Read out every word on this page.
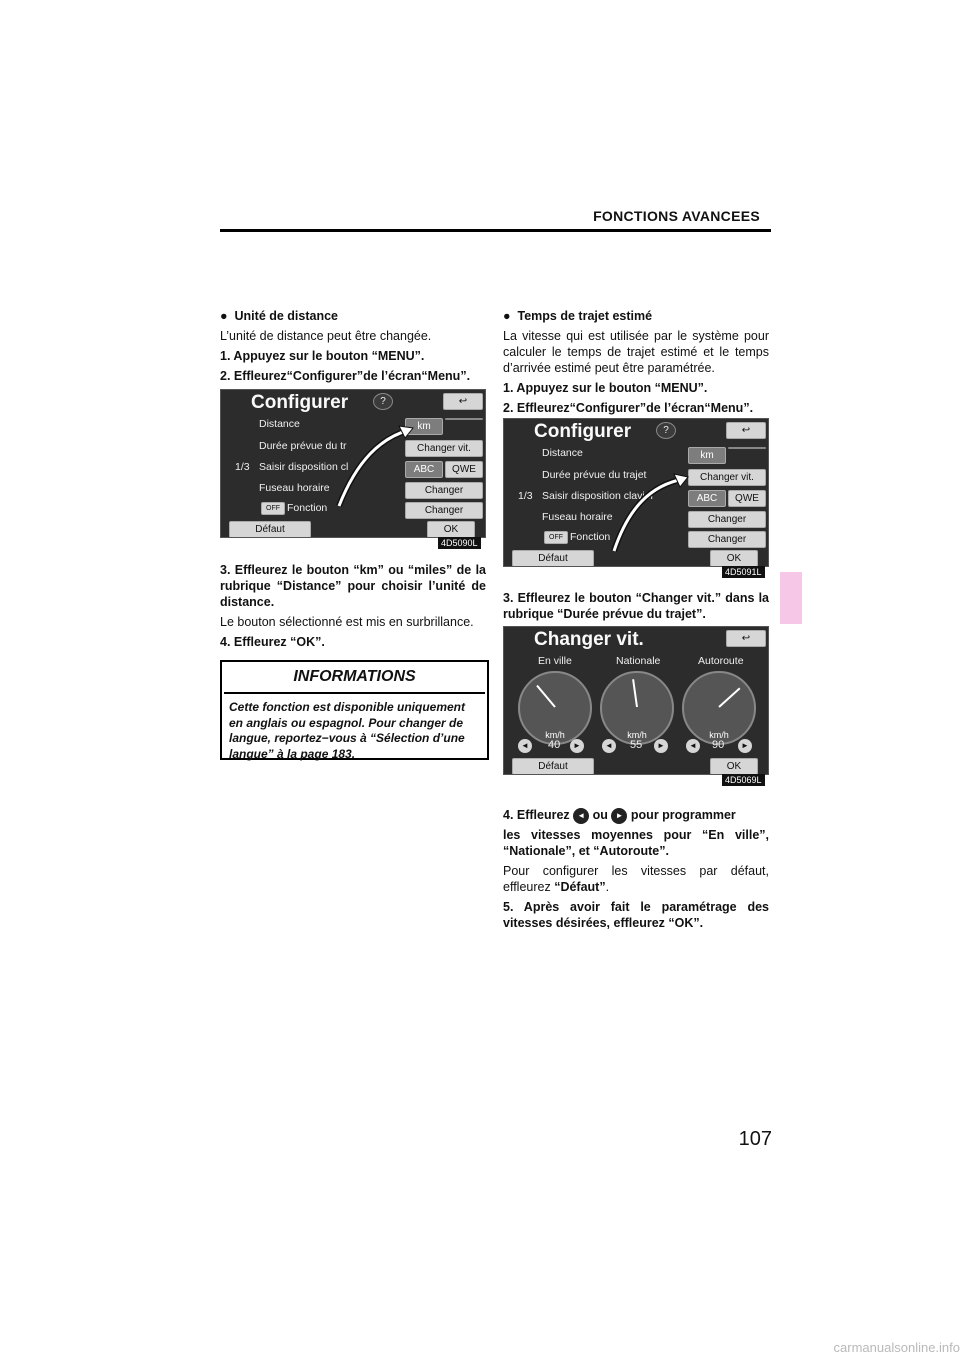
FONCTIONS AVANCEES

● Unité de distance

L’unité de distance peut être changée.

1. Appuyez sur le bouton “MENU”.

2. Effleurez“Configurer”de l’écran“Menu”.

Configurer	?	↩
Distance
Durée prévue du tr
1/3 Saisir disposition cl
Fuseau horaire
OFF Fonction
km
Changer vit.
ABC	QWE
Changer
Changer
Défaut	OK
4D5090L

3. Effleurez le bouton “km” ou “miles” de la rubrique “Distance” pour choisir l’unité de distance.

Le bouton sélectionné est mis en surbrillance.

4. Effleurez “OK”.

INFORMATIONS
Cette fonction est disponible uniquement en anglais ou espagnol. Pour changer de langue, reportez−vous à “Sélection d’une langue” à la page 183.

● Temps de trajet estimé

La vitesse qui est utilisée par le système pour calculer le temps de trajet estimé et le temps d’arrivée estimé peut être paramétrée.

1. Appuyez sur le bouton “MENU”.

2. Effleurez“Configurer”de l’écran“Menu”.

Configurer	?	↩
Distance
Durée prévue du trajet
1/3 Saisir disposition clavier
Fuseau horaire
OFF Fonction
km
Changer vit.
ABC	QWE
Changer
Changer
Défaut	OK
4D5091L

3. Effleurez le bouton “Changer vit.” dans la rubrique “Durée prévue du trajet”.

Changer vit.	↩
En ville	Nationale	Autoroute
km/h	km/h	km/h
◄ 40	►	◄ 55	►	◄ 90	►
Défaut	OK
4D5069L

4. Effleurez ◄ ou ► pour programmer

les vitesses moyennes pour “En ville”, “Nationale”, et “Autoroute”.

Pour configurer les vitesses par défaut, effleurez “Défaut”.

5. Après avoir fait le paramétrage des vitesses désirées, effleurez “OK”.

107
carmanualsonline.info
